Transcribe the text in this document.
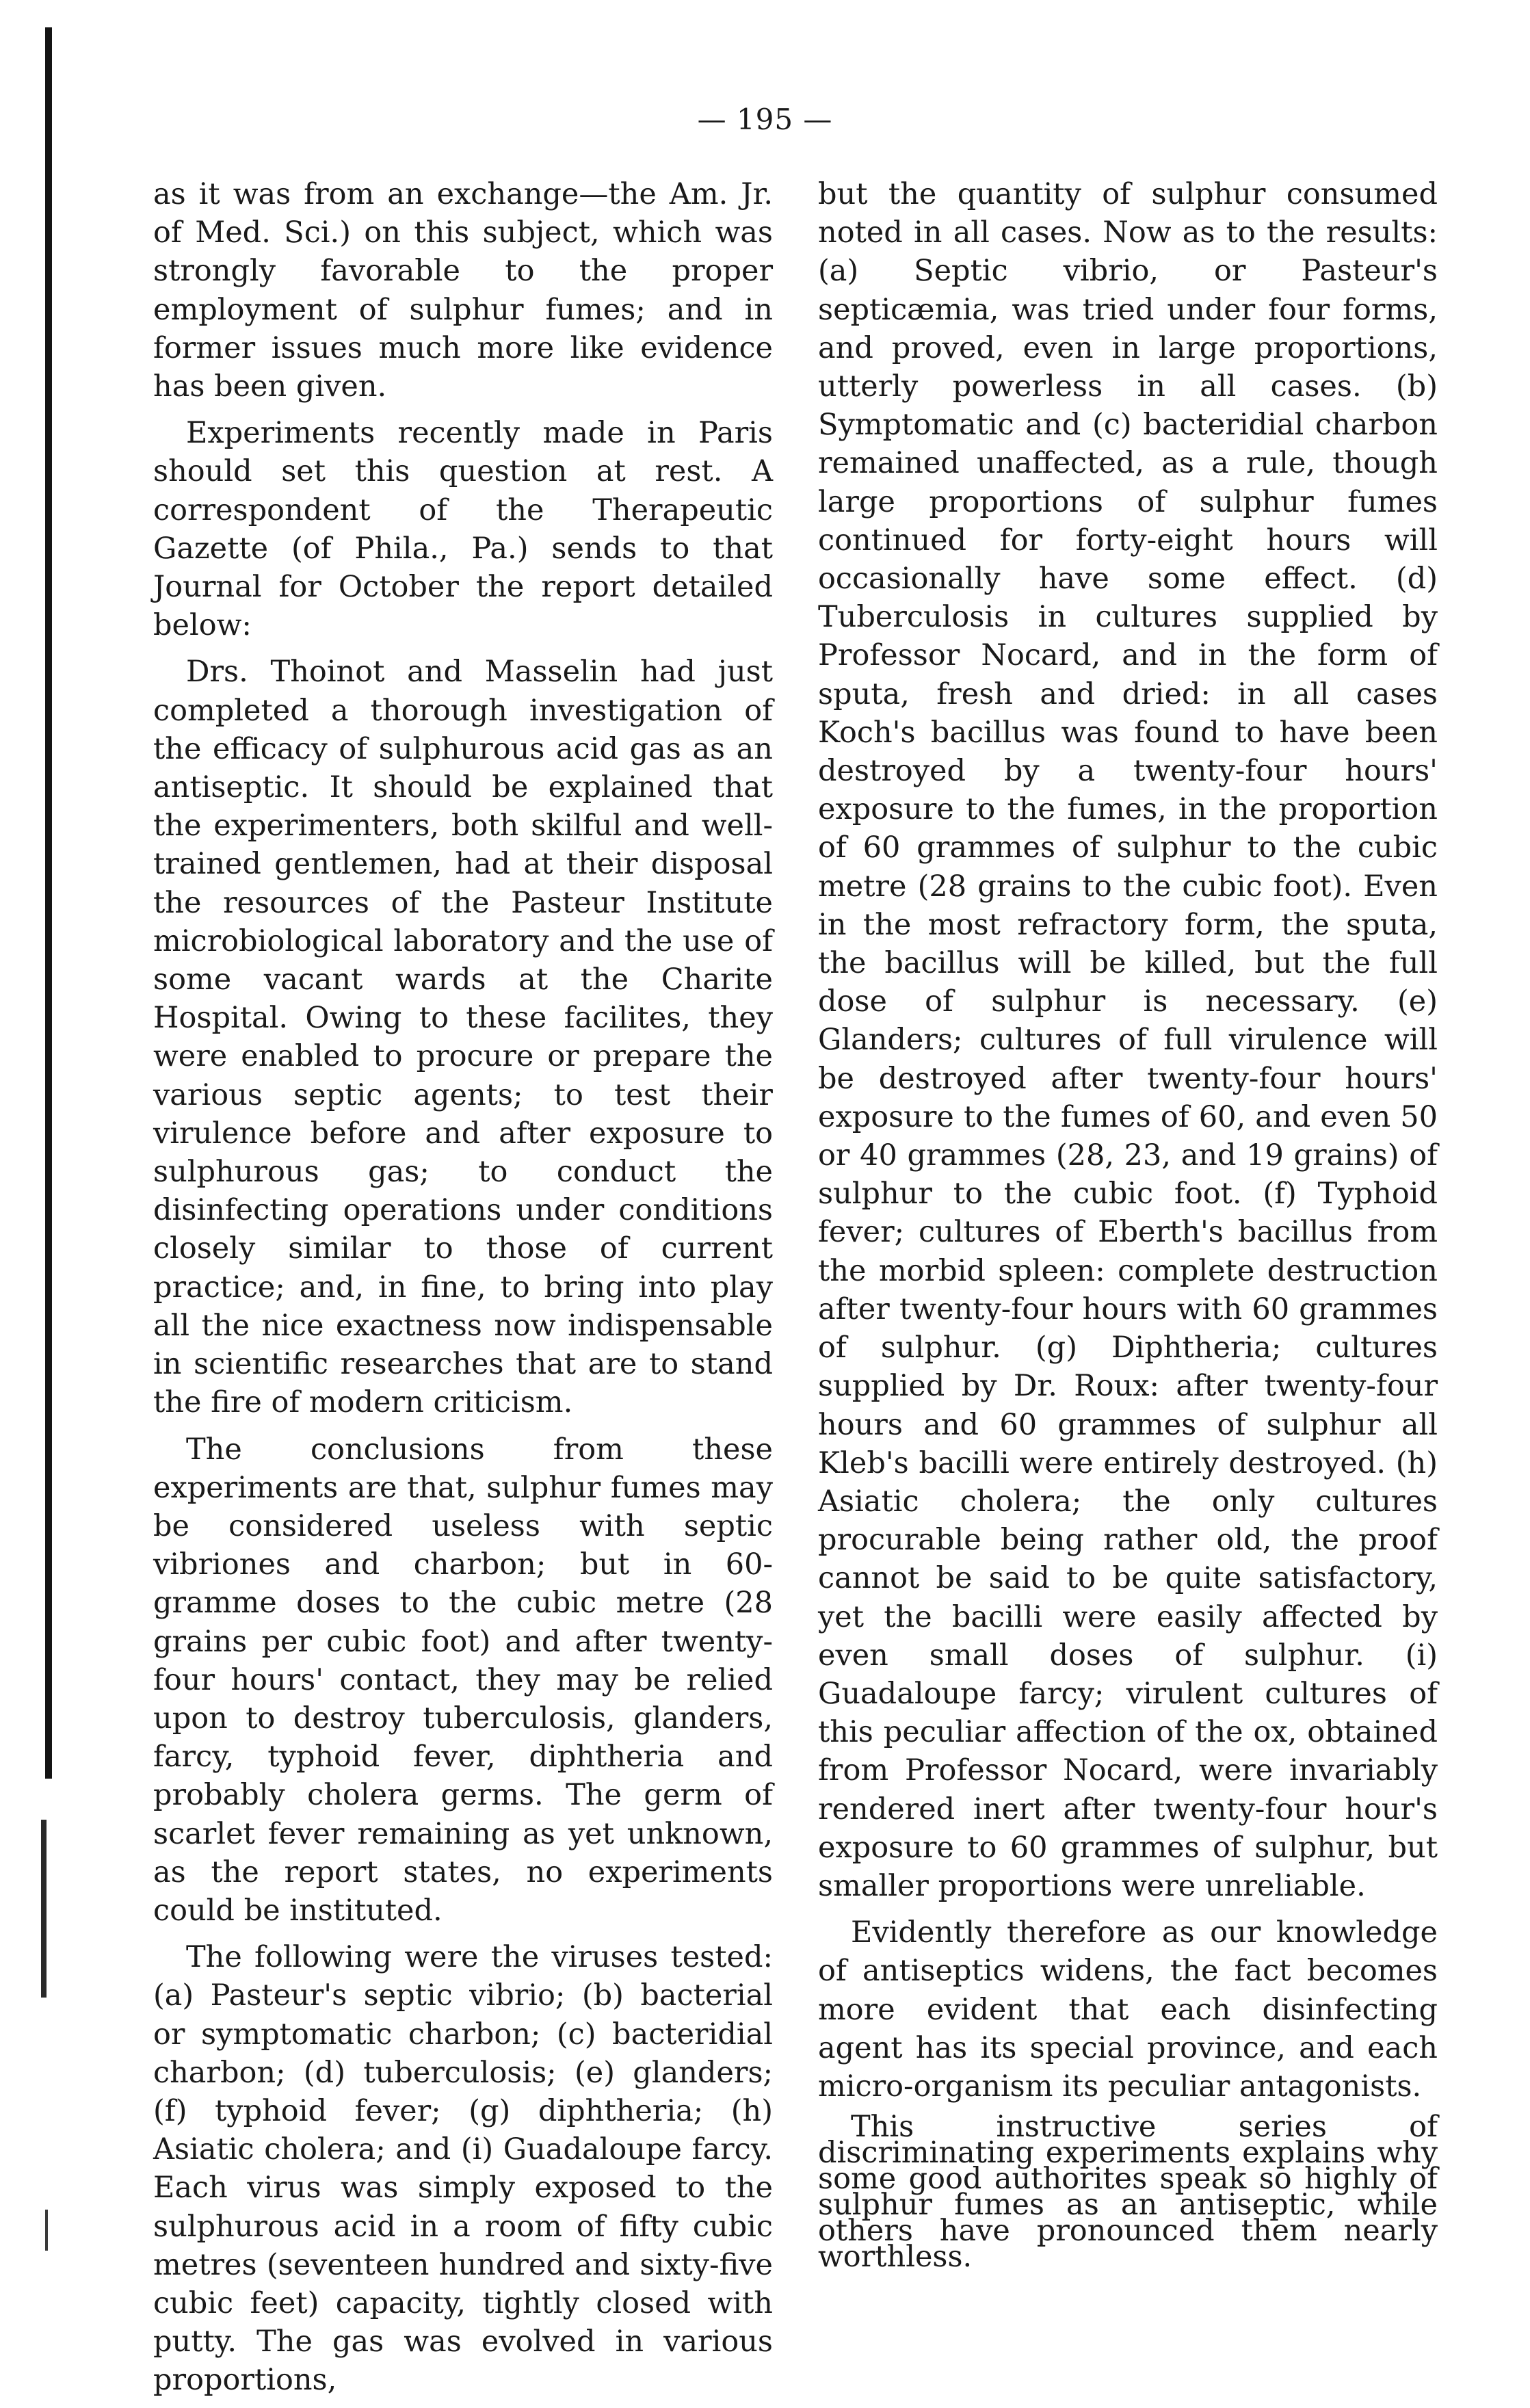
— 195 —

as it was from an exchange—the Am. Jr. of Med. Sci.) on this subject, which was strongly favorable to the proper employment of sulphur fumes; and in former issues much more like evidence has been given.

Experiments recently made in Paris should set this question at rest. A correspondent of the Therapeutic Gazette (of Phila., Pa.) sends to that Journal for October the report detailed below:

Drs. Thoinot and Masselin had just completed a thorough investigation of the efficacy of sulphurous acid gas as an antiseptic. It should be explained that the experimenters, both skilful and well-trained gentlemen, had at their disposal the resources of the Pasteur Institute microbiological laboratory and the use of some vacant wards at the Charite Hospital. Owing to these facilites, they were enabled to procure or prepare the various septic agents; to test their virulence before and after exposure to sulphurous gas; to conduct the disinfecting operations under conditions closely similar to those of current practice; and, in fine, to bring into play all the nice exactness now indispensable in scientific researches that are to stand the fire of modern criticism.

The conclusions from these experiments are that, sulphur fumes may be considered useless with septic vibriones and charbon; but in 60-gramme doses to the cubic metre (28 grains per cubic foot) and after twenty-four hours' contact, they may be relied upon to destroy tuberculosis, glanders, farcy, typhoid fever, diphtheria and probably cholera germs. The germ of scarlet fever remaining as yet unknown, as the report states, no experiments could be instituted.

The following were the viruses tested: (a) Pasteur's septic vibrio; (b) bacterial or symptomatic charbon; (c) bacteridial charbon; (d) tuberculosis; (e) glanders; (f) typhoid fever; (g) diphtheria; (h) Asiatic cholera; and (i) Guadaloupe farcy. Each virus was simply exposed to the sulphurous acid in a room of fifty cubic metres (seventeen hundred and sixty-five cubic feet) capacity, tightly closed with putty. The gas was evolved in various proportions,

but the quantity of sulphur consumed noted in all cases. Now as to the results: (a) Septic vibrio, or Pasteur's septicæmia, was tried under four forms, and proved, even in large proportions, utterly powerless in all cases. (b) Symptomatic and (c) bacteridial charbon remained unaffected, as a rule, though large proportions of sulphur fumes continued for forty-eight hours will occasionally have some effect. (d) Tuberculosis in cultures supplied by Professor Nocard, and in the form of sputa, fresh and dried: in all cases Koch's bacillus was found to have been destroyed by a twenty-four hours' exposure to the fumes, in the proportion of 60 grammes of sulphur to the cubic metre (28 grains to the cubic foot). Even in the most refractory form, the sputa, the bacillus will be killed, but the full dose of sulphur is necessary. (e) Glanders; cultures of full virulence will be destroyed after twenty-four hours' exposure to the fumes of 60, and even 50 or 40 grammes (28, 23, and 19 grains) of sulphur to the cubic foot. (f) Typhoid fever; cultures of Eberth's bacillus from the morbid spleen: complete destruction after twenty-four hours with 60 grammes of sulphur. (g) Diphtheria; cultures supplied by Dr. Roux: after twenty-four hours and 60 grammes of sulphur all Kleb's bacilli were entirely destroyed. (h) Asiatic cholera; the only cultures procurable being rather old, the proof cannot be said to be quite satisfactory, yet the bacilli were easily affected by even small doses of sulphur. (i) Guadaloupe farcy; virulent cultures of this peculiar affection of the ox, obtained from Professor Nocard, were invariably rendered inert after twenty-four hour's exposure to 60 grammes of sulphur, but smaller proportions were unreliable.

Evidently therefore as our knowledge of antiseptics widens, the fact becomes more evident that each disinfecting agent has its special province, and each micro-organism its peculiar antagonists.

This instructive series of discriminating experiments explains why some good authorites speak so highly of sulphur fumes as an antiseptic, while others have pronounced them nearly worthless.
